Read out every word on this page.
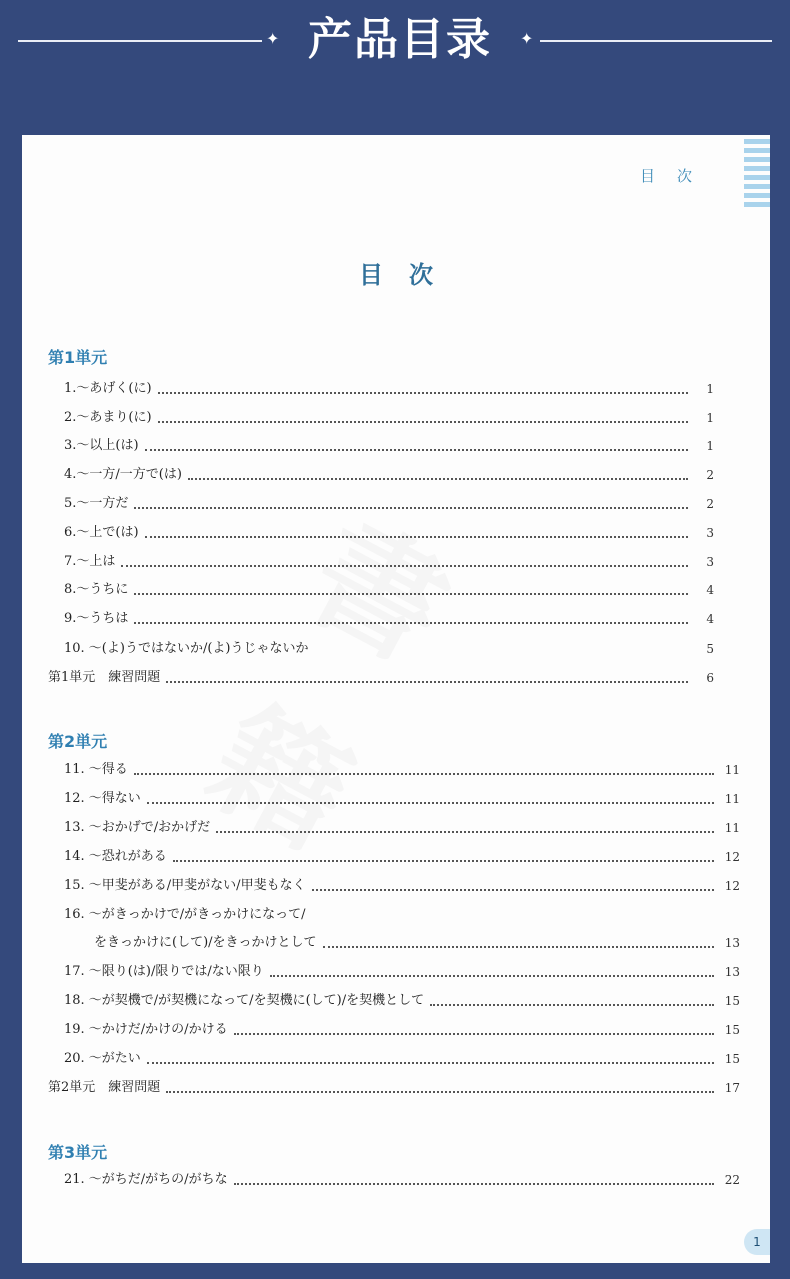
✦ 产品目录	✦
書
籍
目次
目次
第1単元
1.～あげく(に)	1
2.～あまり(に)	1
3.～以上(は)	1
4.～一方/一方で(は)	2
5.～一方だ	2
6.～上で(は)	3
7.～上は	3
8.～うちに	4
9.～うちは	4
10. ～(よ)うではないか/(よ)うじゃないか	5
第1単元　練習問題	6
第2単元
11. ～得る	11
12. ～得ない	11
13. ～おかげで/おかげだ	11
14. ～恐れがある	12
15. ～甲斐がある/甲斐がない/甲斐もなく	12
16. ～がきっかけで/がきっかけになって/
をきっかけに(して)/をきっかけとして	13
17. ～限り(は)/限りでは/ない限り	13
18. ～が契機で/が契機になって/を契機に(して)/を契機として	15
19. ～かけだ/かけの/かける	15
20. ～がたい	15
第2単元　練習問題	17
第3単元
21. ～がちだ/がちの/がちな	22
1
